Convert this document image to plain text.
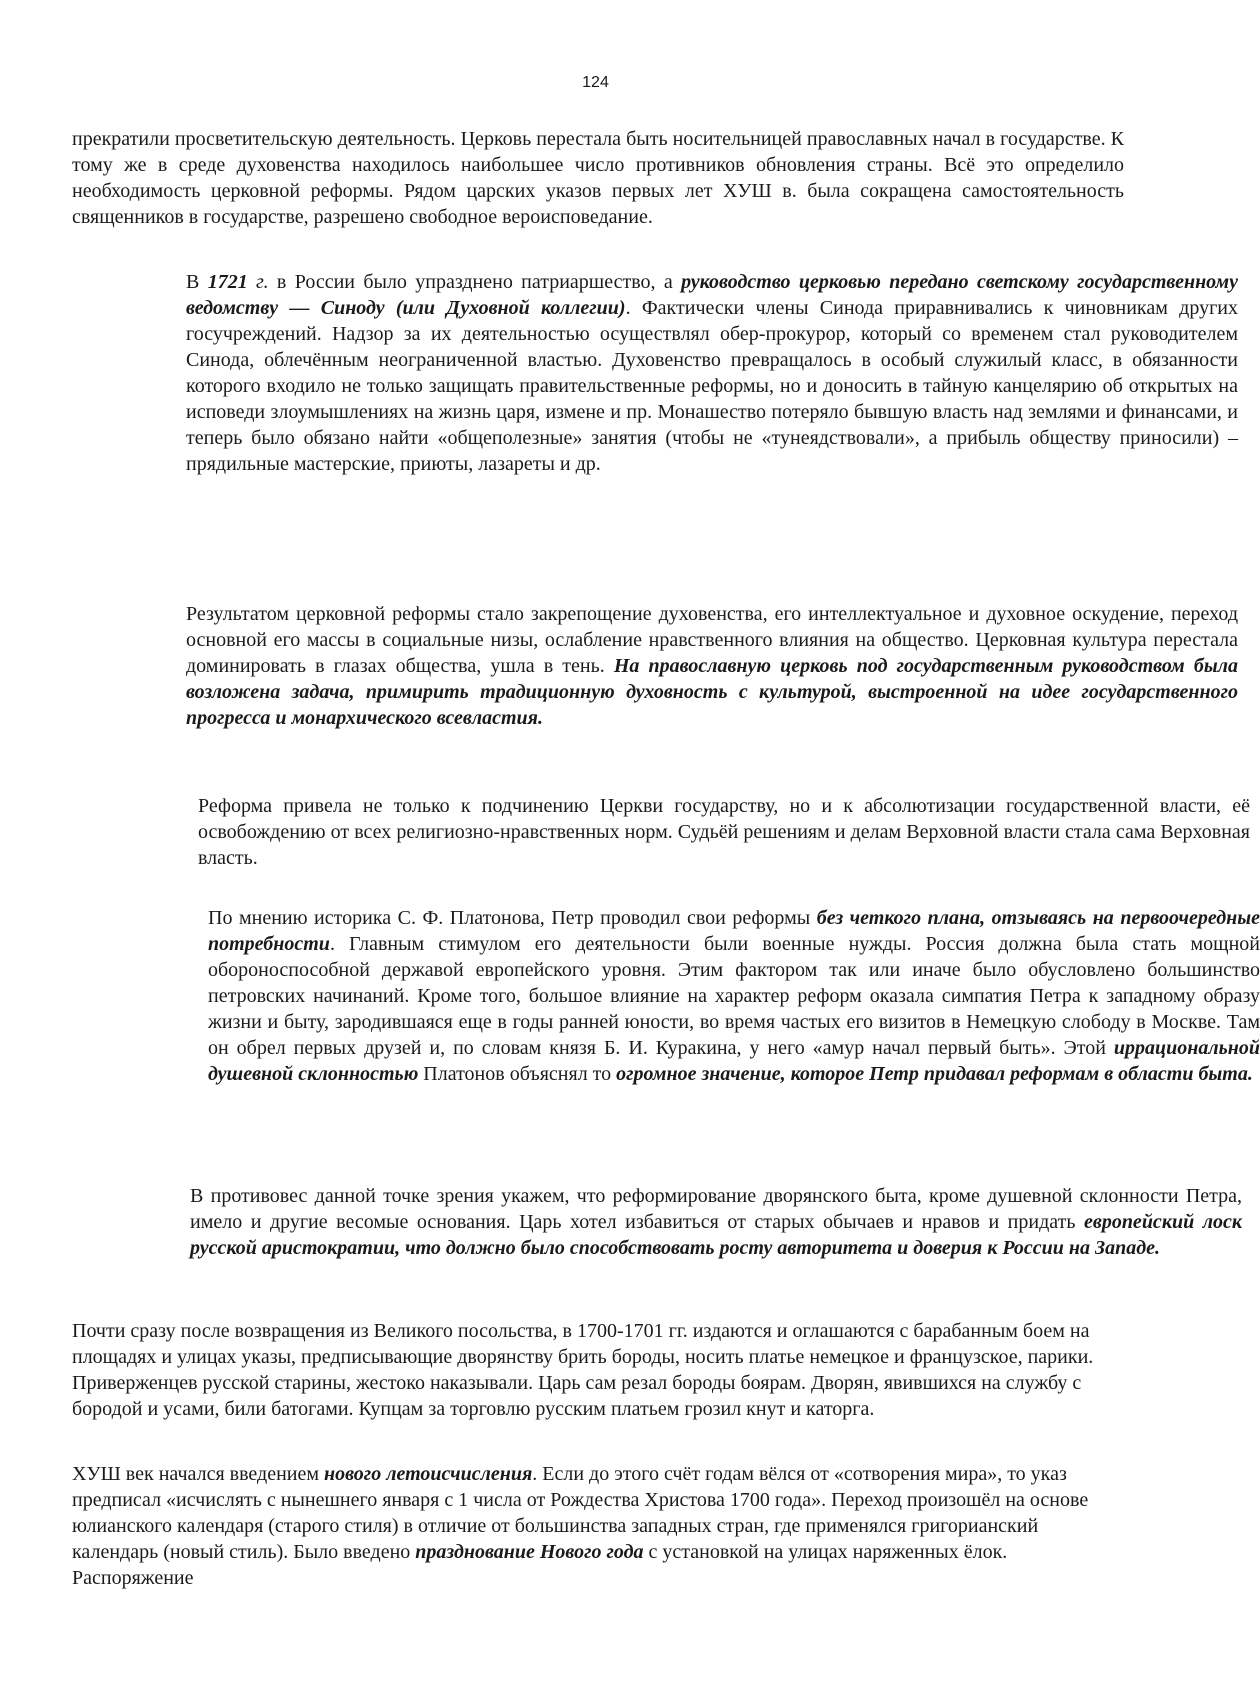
124
прекратили просветительскую деятельность. Церковь перестала быть носительницей православных начал в государстве. К тому же в среде духовенства находилось наибольшее число противников обновления страны. Всё это определило необходимость церковной реформы. Рядом царских указов первых лет ХУШ в. была сокращена самостоятельность священников в государстве, разрешено свободное вероисповедание.
В 1721 г. в России было упразднено патриаршество, а руководство церковью передано светскому государственному ведомству — Синоду (или Духовной коллегии). Фактически члены Синода приравнивались к чиновникам других госучреждений. Надзор за их деятельностью осуществлял обер-прокурор, который со временем стал руководителем Синода, облечённым неограниченной властью. Духовенство превращалось в особый служилый класс, в обязанности которого входило не только защищать правительственные реформы, но и доносить в тайную канцелярию об открытых на исповеди злоумышлениях на жизнь царя, измене и пр. Монашество потеряло бывшую власть над землями и финансами, и теперь было обязано найти «общеполезные» занятия (чтобы не «тунеядствовали», а прибыль обществу приносили) – прядильные мастерские, приюты, лазареты и др.
Результатом церковной реформы стало закрепощение духовенства, его интеллектуальное и духовное оскудение, переход основной его массы в социальные низы, ослабление нравственного влияния на общество. Церковная культура перестала доминировать в глазах общества, ушла в тень. На православную церковь под государственным руководством была возложена задача, примирить традиционную духовность с культурой, выстроенной на идее государственного прогресса и монархического всевластия.
Реформа привела не только к подчинению Церкви государству, но и к абсолютизации государственной власти, её освобождению от всех религиозно-нравственных норм. Судьёй решениям и делам Верховной власти стала сама Верховная власть.
По мнению историка С. Ф. Платонова, Петр проводил свои реформы без четкого плана, отзываясь на первоочередные потребности. Главным стимулом его деятельности были военные нужды. Россия должна была стать мощной обороноспособной державой европейского уровня. Этим фактором так или иначе было обусловлено большинство петровских начинаний. Кроме того, большое влияние на характер реформ оказала симпатия Петра к западному образу жизни и быту, зародившаяся еще в годы ранней юности, во время частых его визитов в Немецкую слободу в Москве. Там он обрел первых друзей и, по словам князя Б. И. Куракина, у него «амур начал первый быть». Этой иррациональной душевной склонностью Платонов объяснял то огромное значение, которое Петр придавал реформам в области быта.
В противовес данной точке зрения укажем, что реформирование дворянского быта, кроме душевной склонности Петра, имело и другие весомые основания. Царь хотел избавиться от старых обычаев и нравов и придать европейский лоск русской аристократии, что должно было способствовать росту авторитета и доверия к России на Западе.
Почти сразу после возвращения из Великого посольства, в 1700-1701 гг. издаются и оглашаются с барабанным боем на площадях и улицах указы, предписывающие дворянству брить бороды, носить платье немецкое и французское, парики. Приверженцев русской старины, жестоко наказывали. Царь сам резал бороды боярам. Дворян, явившихся на службу с бородой и усами, били батогами. Купцам за торговлю русским платьем грозил кнут и каторга.
ХУШ век начался введением нового летоисчисления. Если до этого счёт годам вёлся от «сотворения мира», то указ предписал «исчислять с нынешнего января с 1 числа от Рождества Христова 1700 года». Переход произошёл на основе юлианского календаря (старого стиля) в отличие от большинства западных стран, где применялся григорианский календарь (новый стиль). Было введено празднование Нового года с установкой на улицах наряженных ёлок. Распоряжение
